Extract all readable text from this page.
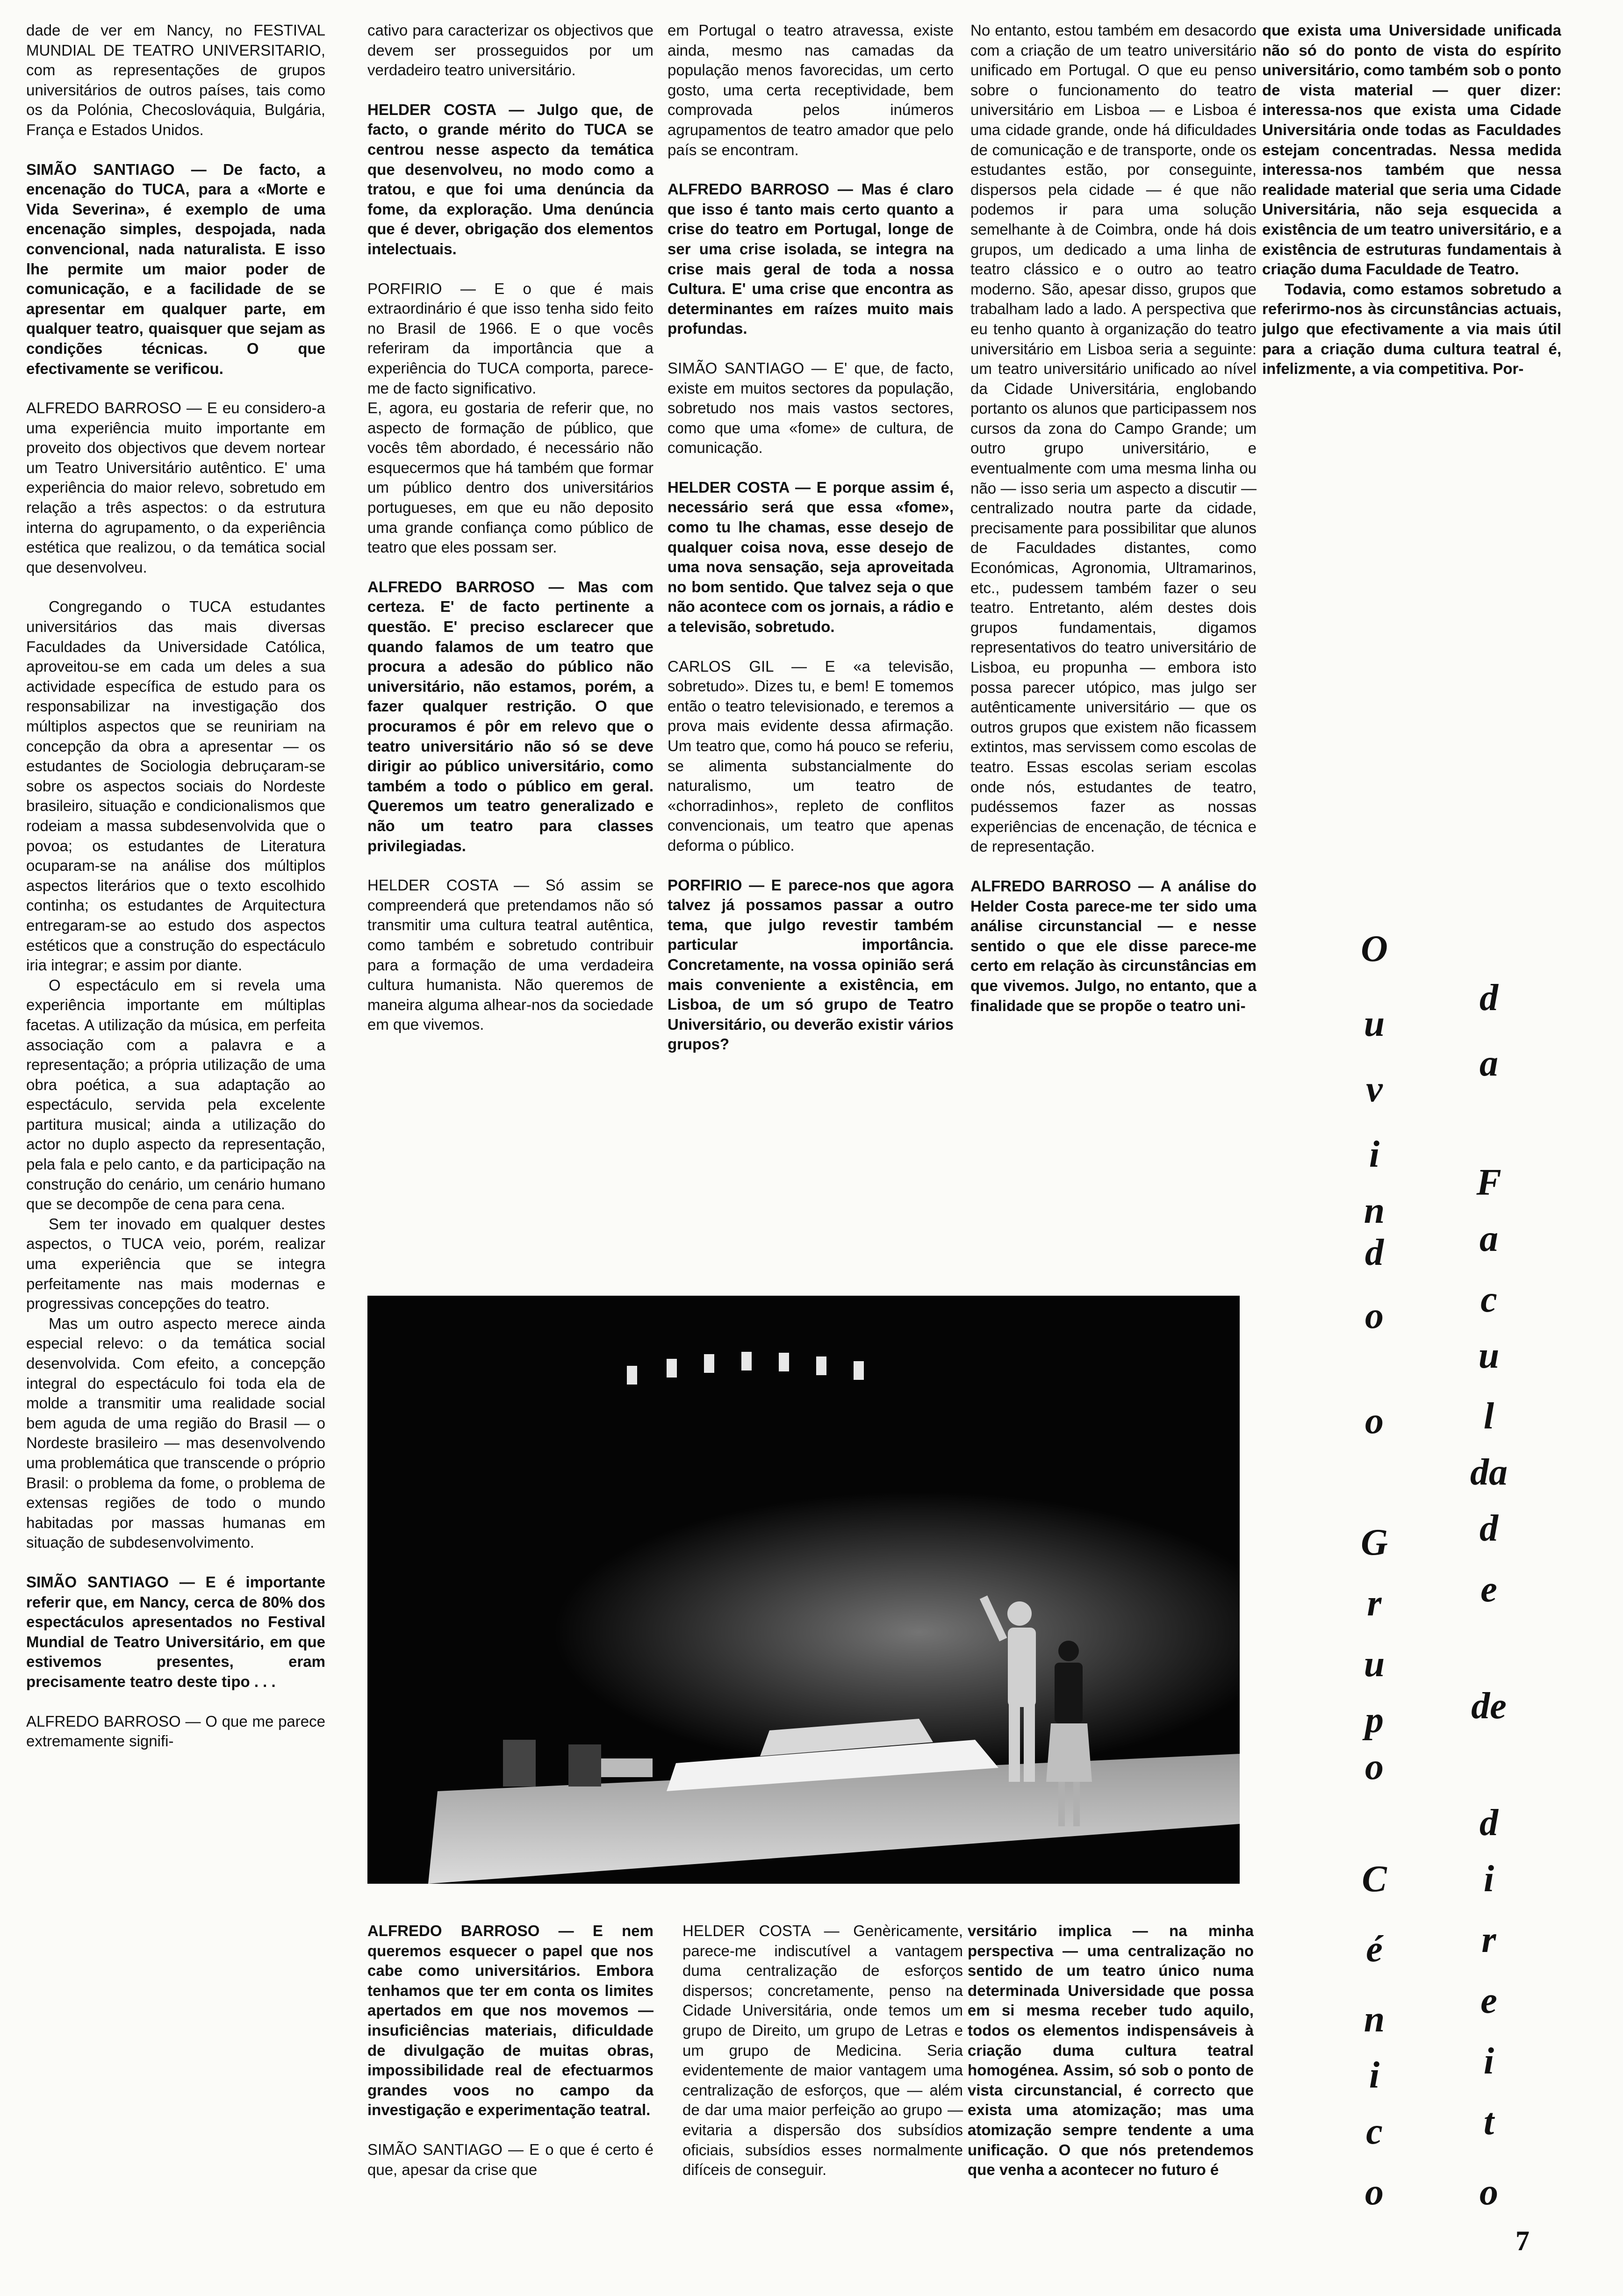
dade de ver em Nancy, no FESTIVAL MUNDIAL DE TEATRO UNIVERSITARIO, com as representações de grupos universitários de outros países, tais como os da Polónia, Checoslováquia, Bulgária, França e Estados Unidos.

SIMÃO SANTIAGO — De facto, a encenação do TUCA, para a «Morte e Vida Severina», é exemplo de uma encenação simples, despojada, nada convencional, nada naturalista. E isso lhe permite um maior poder de comunicação, e a facilidade de se apresentar em qualquer parte, em qualquer teatro, quaisquer que sejam as condições técnicas. O que efectivamente se verificou.

ALFREDO BARROSO — E eu considero-a uma experiência muito importante em proveito dos objectivos que devem nortear um Teatro Universitário autêntico. E' uma experiência do maior relevo, sobretudo em relação a três aspectos: o da estrutura interna do agrupamento, o da experiência estética que realizou, o da temática social que desenvolveu.

Congregando o TUCA estudantes universitários das mais diversas Faculdades da Universidade Católica, aproveitou-se em cada um deles a sua actividade específica de estudo para os responsabilizar na investigação dos múltiplos aspectos que se reuniriam na concepção da obra a apresentar — os estudantes de Sociologia debruçaram-se sobre os aspectos sociais do Nordeste brasileiro, situação e condicionalismos que rodeiam a massa subdesenvolvida que o povoa; os estudantes de Literatura ocuparam-se na análise dos múltiplos aspectos literários que o texto escolhido continha; os estudantes de Arquitectura entregaram-se ao estudo dos aspectos estéticos que a construção do espectáculo iria integrar; e assim por diante.

O espectáculo em si revela uma experiência importante em múltiplas facetas. A utilização da música, em perfeita associação com a palavra e a representação; a própria utilização de uma obra poética, a sua adaptação ao espectáculo, servida pela excelente partitura musical; ainda a utilização do actor no duplo aspecto da representação, pela fala e pelo canto, e da participação na construção do cenário, um cenário humano que se decompõe de cena para cena.

Sem ter inovado em qualquer destes aspectos, o TUCA veio, porém, realizar uma experiência que se integra perfeitamente nas mais modernas e progressivas concepções do teatro.

Mas um outro aspecto merece ainda especial relevo: o da temática social desenvolvida. Com efeito, a concepção integral do espectáculo foi toda ela de molde a transmitir uma realidade social bem aguda de uma região do Brasil — o Nordeste brasileiro — mas desenvolvendo uma problemática que transcende o próprio Brasil: o problema da fome, o problema de extensas regiões de todo o mundo habitadas por massas humanas em situação de subdesenvolvimento.

SIMÃO SANTIAGO — E é importante referir que, em Nancy, cerca de 80% dos espectáculos apresentados no Festival Mundial de Teatro Universitário, em que estivemos presentes, eram precisamente teatro deste tipo . . .

ALFREDO BARROSO — O que me parece extremamente signifi-

cativo para caracterizar os objectivos que devem ser prosseguidos por um verdadeiro teatro universitário.

HELDER COSTA — Julgo que, de facto, o grande mérito do TUCA se centrou nesse aspecto da temática que desenvolveu, no modo como a tratou, e que foi uma denúncia da fome, da exploração. Uma denúncia que é dever, obrigação dos elementos intelectuais.

PORFIRIO — E o que é mais extraordinário é que isso tenha sido feito no Brasil de 1966. E o que vocês referiram da importância que a experiência do TUCA comporta, parece-me de facto significativo.

E, agora, eu gostaria de referir que, no aspecto de formação de público, que vocês têm abordado, é necessário não esquecermos que há também que formar um público dentro dos universitários portugueses, em que eu não deposito uma grande confiança como público de teatro que eles possam ser.

ALFREDO BARROSO — Mas com certeza. E' de facto pertinente a questão. E' preciso esclarecer que quando falamos de um teatro que procura a adesão do público não universitário, não estamos, porém, a fazer qualquer restrição. O que procuramos é pôr em relevo que o teatro universitário não só se deve dirigir ao público universitário, como também a todo o público em geral. Queremos um teatro generalizado e não um teatro para classes privilegiadas.

HELDER COSTA — Só assim se compreenderá que pretendamos não só transmitir uma cultura teatral autêntica, como também e sobretudo contribuir para a formação de uma verdadeira cultura humanista. Não queremos de maneira alguma alhear-nos da sociedade em que vivemos.

em Portugal o teatro atravessa, existe ainda, mesmo nas camadas da população menos favorecidas, um certo gosto, uma certa receptividade, bem comprovada pelos inúmeros agrupamentos de teatro amador que pelo país se encontram.

ALFREDO BARROSO — Mas é claro que isso é tanto mais certo quanto a crise do teatro em Portugal, longe de ser uma crise isolada, se integra na crise mais geral de toda a nossa Cultura. E' uma crise que encontra as determinantes em raízes muito mais profundas.

SIMÃO SANTIAGO — E' que, de facto, existe em muitos sectores da população, sobretudo nos mais vastos sectores, como que uma «fome» de cultura, de comunicação.

HELDER COSTA — E porque assim é, necessário será que essa «fome», como tu lhe chamas, esse desejo de qualquer coisa nova, esse desejo de uma nova sensação, seja aproveitada no bom sentido. Que talvez seja o que não acontece com os jornais, a rádio e a televisão, sobretudo.

CARLOS GIL — E «a televisão, sobretudo». Dizes tu, e bem! E tomemos então o teatro televisionado, e teremos a prova mais evidente dessa afirmação. Um teatro que, como há pouco se referiu, se alimenta substancialmente do naturalismo, um teatro de «chorradinhos», repleto de conflitos convencionais, um teatro que apenas deforma o público.

PORFIRIO — E parece-nos que agora talvez já possamos passar a outro tema, que julgo revestir também particular importância. Concretamente, na vossa opinião será mais conveniente a existência, em Lisboa, de um só grupo de Teatro Universitário, ou deverão existir vários grupos?

No entanto, estou também em desacordo com a criação de um teatro universitário unificado em Portugal. O que eu penso sobre o funcionamento do teatro universitário em Lisboa — e Lisboa é uma cidade grande, onde há dificuldades de comunicação e de transporte, onde os estudantes estão, por conseguinte, dispersos pela cidade — é que não podemos ir para uma solução semelhante à de Coimbra, onde há dois grupos, um dedicado a uma linha de teatro clássico e o outro ao teatro moderno. São, apesar disso, grupos que trabalham lado a lado. A perspectiva que eu tenho quanto à organização do teatro universitário em Lisboa seria a seguinte: um teatro universitário unificado ao nível da Cidade Universitária, englobando portanto os alunos que participassem nos cursos da zona do Campo Grande; um outro grupo universitário, e eventualmente com uma mesma linha ou não — isso seria um aspecto a discutir — centralizado noutra parte da cidade, precisamente para possibilitar que alunos de Faculdades distantes, como Económicas, Agronomia, Ultramarinos, etc., pudessem também fazer o seu teatro. Entretanto, além destes dois grupos fundamentais, digamos representativos do teatro universitário de Lisboa, eu propunha — embora isto possa parecer utópico, mas julgo ser autênticamente universitário — que os outros grupos que existem não ficassem extintos, mas servissem como escolas de teatro. Essas escolas seriam escolas onde nós, estudantes de teatro, pudéssemos fazer as nossas experiências de encenação, de técnica e de representação.

ALFREDO BARROSO — A análise do Helder Costa parece-me ter sido uma análise circunstancial — e nesse sentido o que ele disse parece-me certo em relação às circunstâncias em que vivemos. Julgo, no entanto, que a finalidade que se propõe o teatro uni-

que exista uma Universidade unificada não só do ponto de vista do espírito universitário, como também sob o ponto de vista material — quer dizer: interessa-nos que exista uma Cidade Universitária onde todas as Faculdades estejam concentradas. Nessa medida interessa-nos também que nessa realidade material que seria uma Cidade Universitária, não seja esquecida a existência de um teatro universitário, e a existência de estruturas fundamentais à criação duma Faculdade de Teatro.

Todavia, como estamos sobretudo a referirmo-nos às circunstâncias actuais, julgo que efectivamente a via mais útil para a criação duma cultura teatral é, infelizmente, a via competitiva. Por-

ALFREDO BARROSO — E nem queremos esquecer o papel que nos cabe como universitários. Embora tenhamos que ter em conta os limites apertados em que nos movemos — insuficiências materiais, dificuldade de divulgação de muitas obras, impossibilidade real de efectuarmos grandes voos no campo da investigação e experimentação teatral.

SIMÃO SANTIAGO — E o que é certo é que, apesar da crise que

HELDER COSTA — Genèricamente, parece-me indiscutível a vantagem duma centralização de esforços dispersos; concretamente, penso na Cidade Universitária, onde temos um grupo de Direito, um grupo de Letras e um grupo de Medicina. Seria evidentemente de maior vantagem uma centralização de esforços, que — além de dar uma maior perfeição ao grupo — evitaria a dispersão dos subsídios oficiais, subsídios esses normalmente difíceis de conseguir.

versitário implica — na minha perspectiva — uma centralização no sentido de um teatro único numa determinada Universidade que possa em si mesma receber tudo aquilo, todos os elementos indispensáveis à criação duma cultura teatral homogénea. Assim, só sob o ponto de vista circunstancial, é correcto que exista uma atomização; mas uma atomização sempre tendente a uma unificação. O que nós pretendemos que venha a acontecer no futuro é

O
u
v
i
n
d
o
o
G
r
u
p
o
C
é
n
i
c
o
d
a
F
a
c
u
l
da
d
e
de
d
i
r
e
i
t
o
7
